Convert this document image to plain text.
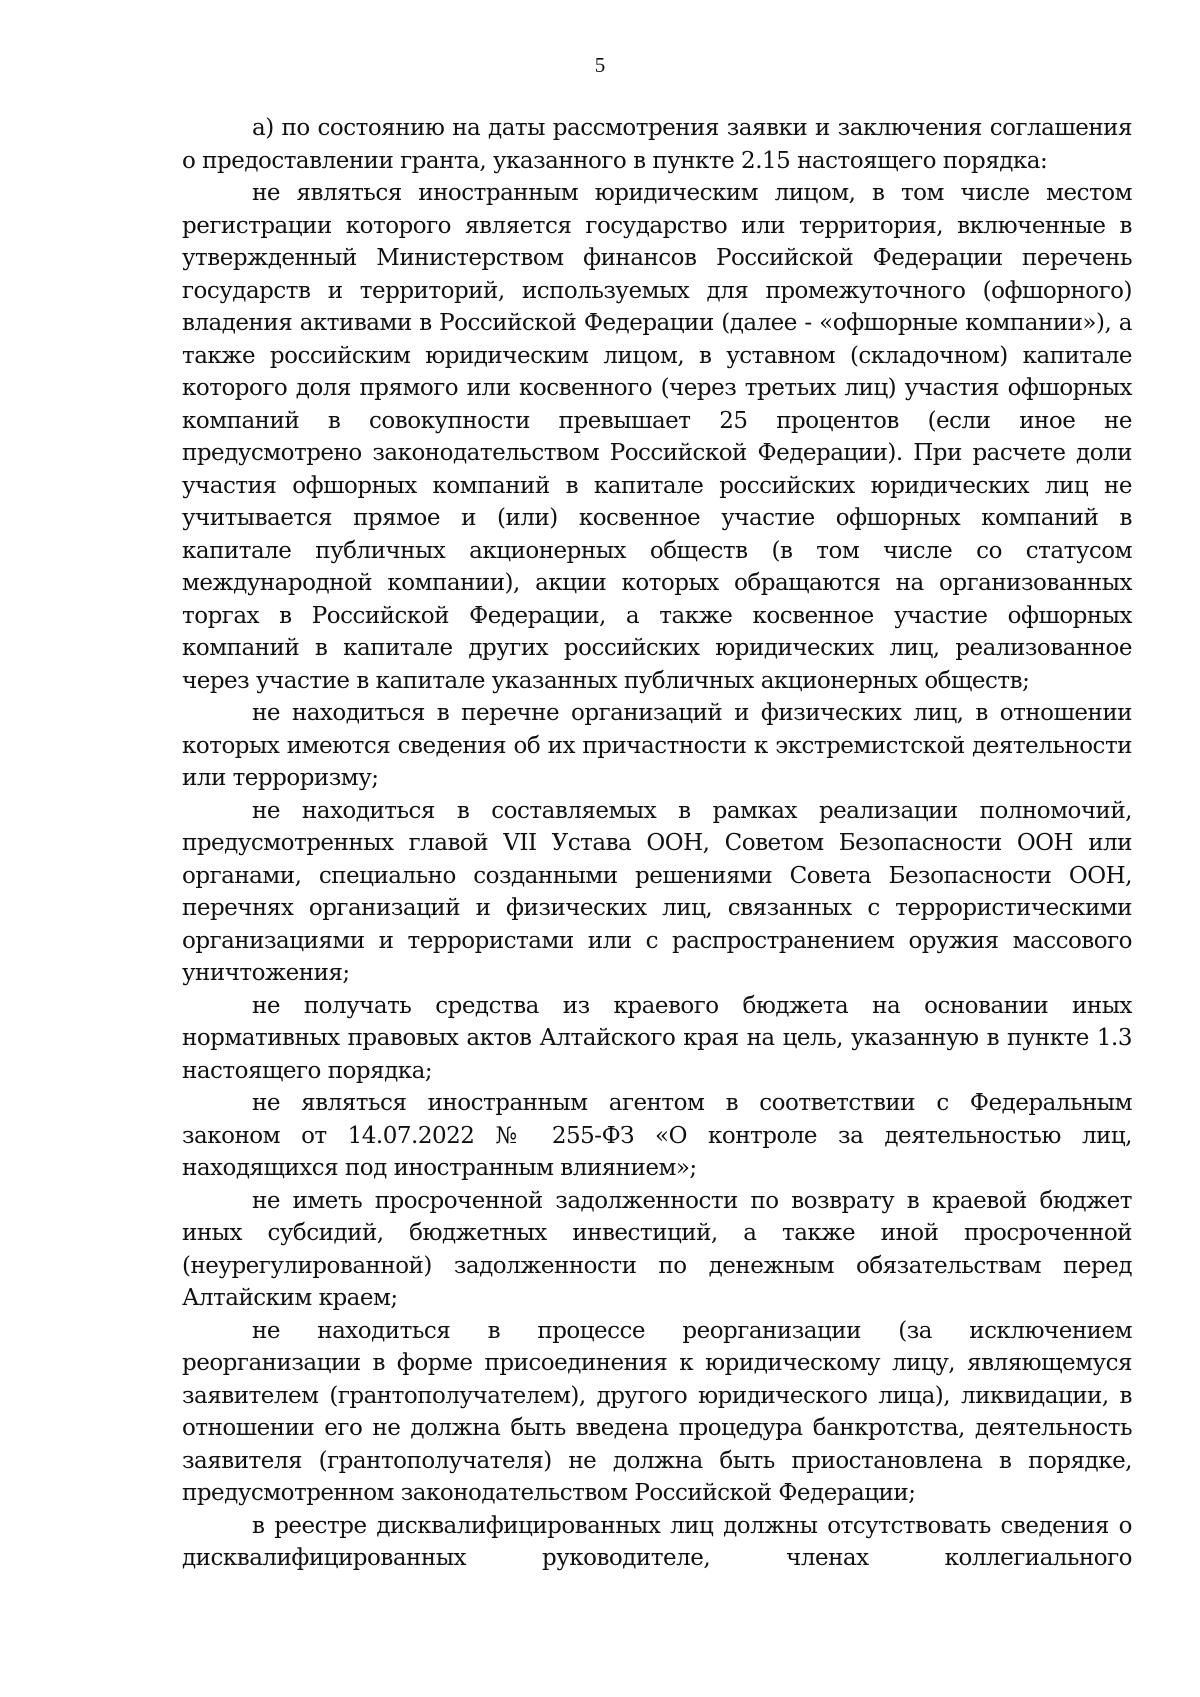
5

а) по состоянию на даты рассмотрения заявки и заключения соглашения о предоставлении гранта, указанного в пункте 2.15 настоящего порядка:

не являться иностранным юридическим лицом, в том числе местом регистрации которого является государство или территория, включенные в утвержденный Министерством финансов Российской Федерации перечень государств и территорий, используемых для промежуточного (офшорного) владения активами в Российской Федерации (далее - «офшорные компании»), а также российским юридическим лицом, в уставном (складочном) капитале которого доля прямого или косвенного (через третьих лиц) участия офшорных компаний в совокупности превышает 25 процентов (если иное не предусмотрено законодательством Российской Федерации). При расчете доли участия офшорных компаний в капитале российских юридических лиц не учитывается прямое и (или) косвенное участие офшорных компаний в капитале публичных акционерных обществ (в том числе со статусом международной компании), акции которых обращаются на организованных торгах в Российской Федерации, а также косвенное участие офшорных компаний в капитале других российских юридических лиц, реализованное через участие в капитале указанных публичных акционерных обществ;

не находиться в перечне организаций и физических лиц, в отношении которых имеются сведения об их причастности к экстремистской деятельности или терроризму;

не находиться в составляемых в рамках реализации полномочий, предусмотренных главой VII Устава ООН, Советом Безопасности ООН или органами, специально созданными решениями Совета Безопасности ООН, перечнях организаций и физических лиц, связанных с террористическими организациями и террористами или с распространением оружия массового уничтожения;

не получать средства из краевого бюджета на основании иных нормативных правовых актов Алтайского края на цель, указанную в пункте 1.3 настоящего порядка;

не являться иностранным агентом в соответствии с Федеральным законом от 14.07.2022 № 255-ФЗ «О контроле за деятельностью лиц, находящихся под иностранным влиянием»;

не иметь просроченной задолженности по возврату в краевой бюджет иных субсидий, бюджетных инвестиций, а также иной просроченной (неурегулированной) задолженности по денежным обязательствам перед Алтайским краем;

не находиться в процессе реорганизации (за исключением реорганизации в форме присоединения к юридическому лицу, являющемуся заявителем (грантополучателем), другого юридического лица), ликвидации, в отношении его не должна быть введена процедура банкротства, деятельность заявителя (грантополучателя) не должна быть приостановлена в порядке, предусмотренном законодательством Российской Федерации;

в реестре дисквалифицированных лиц должны отсутствовать сведения о дисквалифицированных руководителе, членах коллегиального
